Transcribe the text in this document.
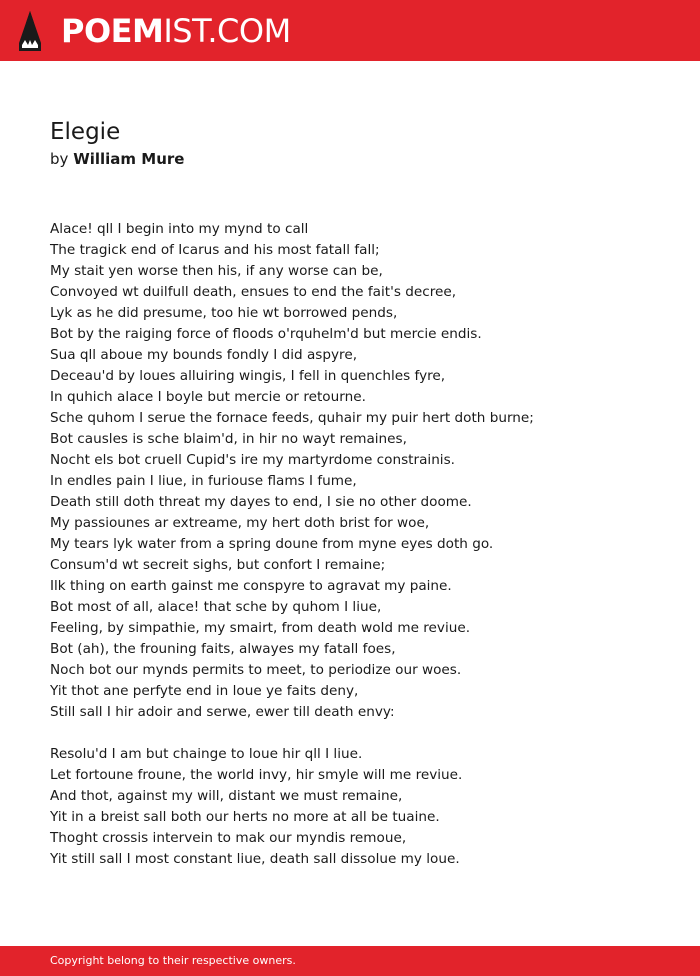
POEMIST.COM
Elegie
by William Mure
Alace! qll I begin into my mynd to call
The tragick end of Icarus and his most fatall fall;
My stait yen worse then his, if any worse can be,
Convoyed wt duilfull death, ensues to end the fait's decree,
Lyk as he did presume, too hie wt borrowed pends,
Bot by the raiging force of floods o'rquhelm'd but mercie endis.
Sua qll aboue my bounds fondly I did aspyre,
Deceau'd by loues alluiring wingis, I fell in quenchles fyre,
In quhich alace I boyle but mercie or retourne.
Sche quhom I serue the fornace feeds, quhair my puir hert doth burne;
Bot causles is sche blaim'd, in hir no wayt remaines,
Nocht els bot cruell Cupid's ire my martyrdome constrainis.
In endles pain I liue, in furiouse flams I fume,
Death still doth threat my dayes to end, I sie no other doome.
My passiounes ar extreame, my hert doth brist for woe,
My tears lyk water from a spring doune from myne eyes doth go.
Consum'd wt secreit sighs, but confort I remaine;
Ilk thing on earth gainst me conspyre to agravat my paine.
Bot most of all, alace! that sche by quhom I liue,
Feeling, by simpathie, my smairt, from death wold me reviue.
Bot (ah), the frouning faits, alwayes my fatall foes,
Noch bot our mynds permits to meet, to periodize our woes.
Yit thot ane perfyte end in loue ye faits deny,
Still sall I hir adoir and serwe, ewer till death envy:
Resolu'd I am but chainge to loue hir qll I liue.
Let fortoune froune, the world invy, hir smyle will me reviue.
And thot, against my will, distant we must remaine,
Yit in a breist sall both our herts no more at all be tuaine.
Thoght crossis intervein to mak our myndis remoue,
Yit still sall I most constant liue, death sall dissolue my loue.
Copyright belong to their respective owners.
